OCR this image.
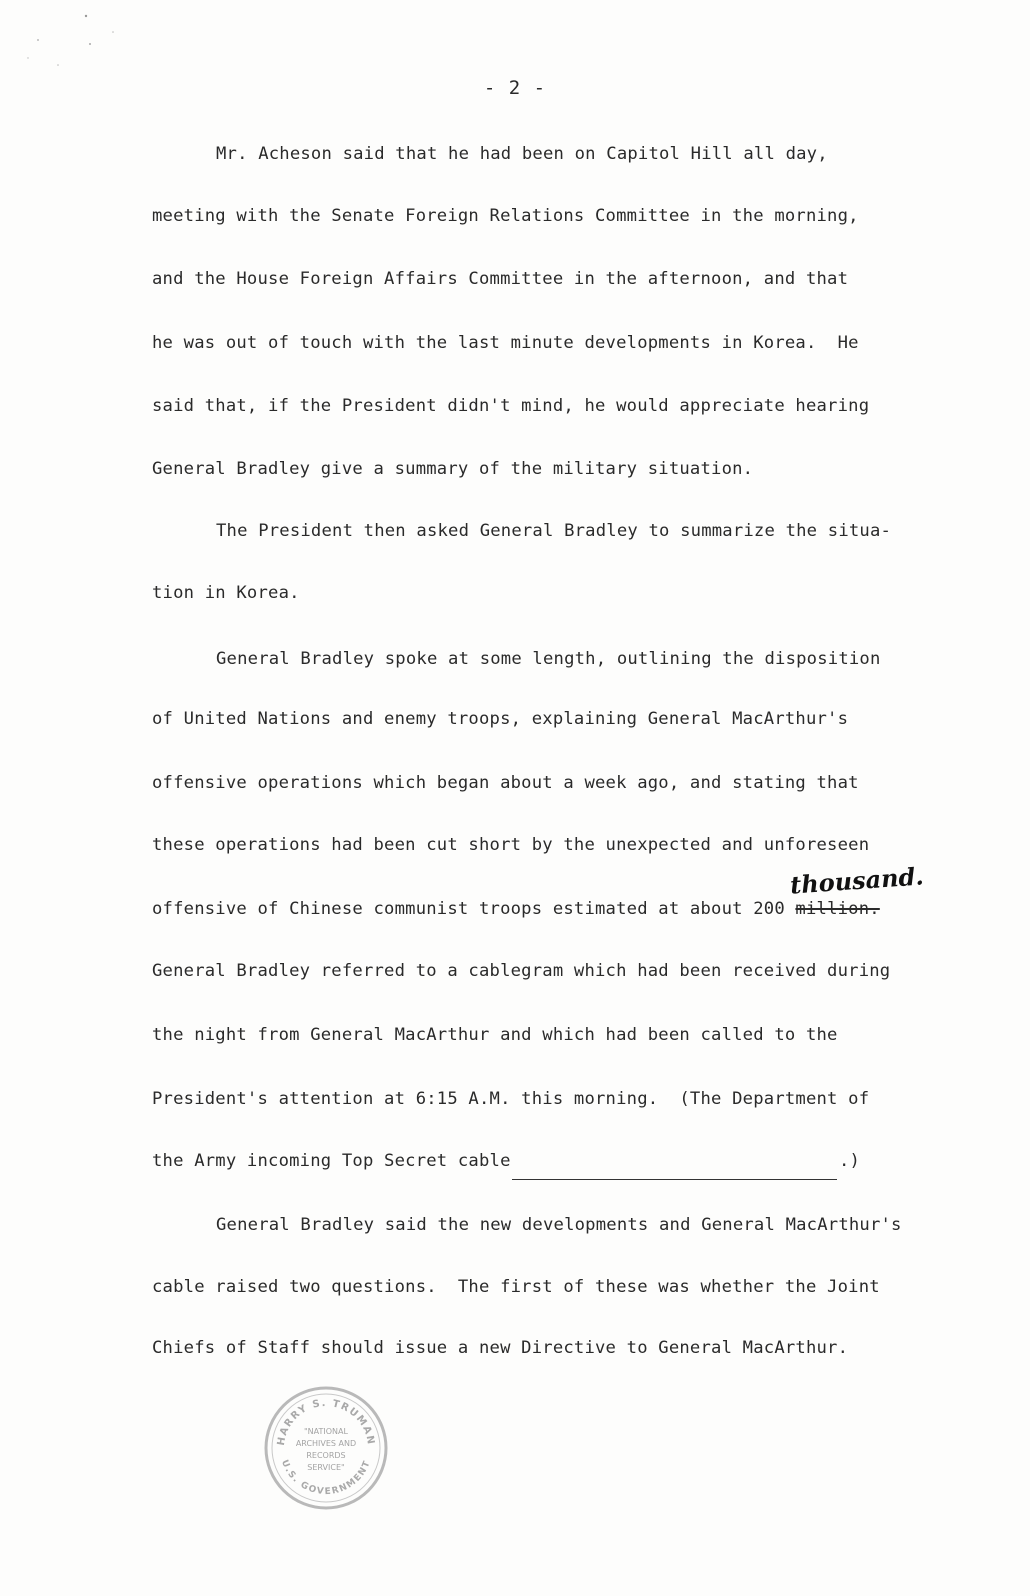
- 2 -
Mr. Acheson said that he had been on Capitol Hill all day,
meeting with the Senate Foreign Relations Committee in the morning,
and the House Foreign Affairs Committee in the afternoon, and that
he was out of touch with the last minute developments in Korea.  He
said that, if the President didn't mind, he would appreciate hearing
General Bradley give a summary of the military situation.
The President then asked General Bradley to summarize the situa-
tion in Korea.
General Bradley spoke at some length, outlining the disposition
of United Nations and enemy troops, explaining General MacArthur's
offensive operations which began about a week ago, and stating that
these operations had been cut short by the unexpected and unforeseen
offensive of Chinese communist troops estimated at about 200 million.
thousand.
General Bradley referred to a cablegram which had been received during
the night from General MacArthur and which had been called to the
President's attention at 6:15 A.M. this morning.  (The Department of
the Army incoming Top Secret cable	.)
General Bradley said the new developments and General MacArthur's
cable raised two questions.  The first of these was whether the Joint
Chiefs of Staff should issue a new Directive to General MacArthur.
HARRY S. TRUMAN
U.S. GOVERNMENT
"NATIONAL
ARCHIVES AND
RECORDS
SERVICE"
